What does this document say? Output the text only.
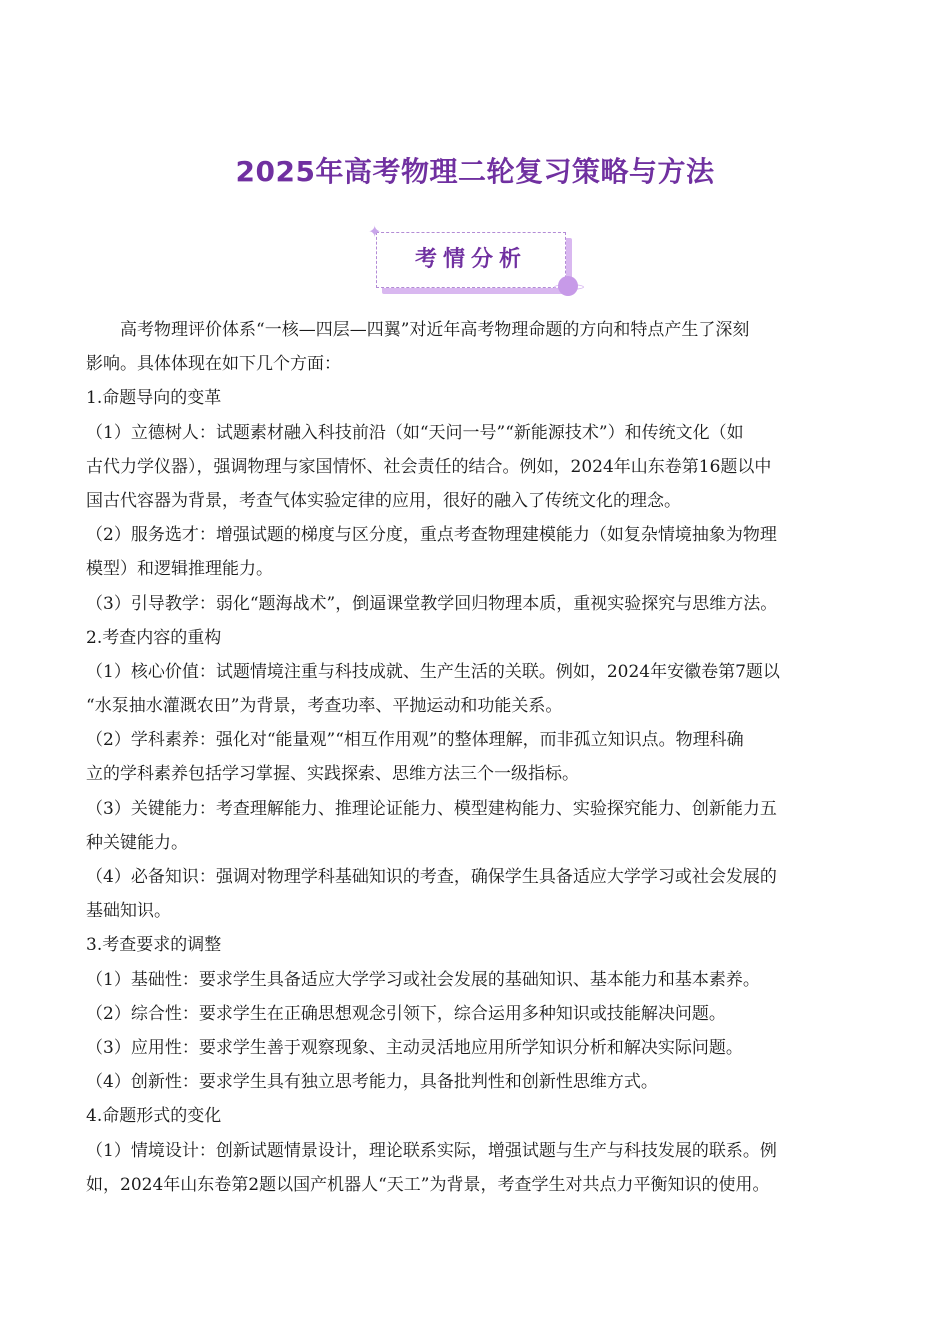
2025年高考物理二轮复习策略与方法
考情分析
✦
高考物理评价体系“一核—四层—四翼”对近年高考物理命题的方向和特点产生了深刻
影响。具体体现在如下几个方面：
1.命题导向的变革
（1）立德树人：试题素材融入科技前沿（如“天问一号”“新能源技术”）和传统文化（如
古代力学仪器），强调物理与家国情怀、社会责任的结合。例如，2024年山东卷第16题以中
国古代容器为背景，考查气体实验定律的应用，很好的融入了传统文化的理念。
（2）服务选才：增强试题的梯度与区分度，重点考查物理建模能力（如复杂情境抽象为物理
模型）和逻辑推理能力。
（3）引导教学：弱化“题海战术”，倒逼课堂教学回归物理本质，重视实验探究与思维方法。
2.考查内容的重构
（1）核心价值：试题情境注重与科技成就、生产生活的关联。例如，2024年安徽卷第7题以
“水泵抽水灌溉农田”为背景，考查功率、平抛运动和功能关系。
（2）学科素养：强化对“能量观”“相互作用观”的整体理解，而非孤立知识点。物理科确
立的学科素养包括学习掌握、实践探索、思维方法三个一级指标。
（3）关键能力：考查理解能力、推理论证能力、模型建构能力、实验探究能力、创新能力五
种关键能力。
（4）必备知识：强调对物理学科基础知识的考查，确保学生具备适应大学学习或社会发展的
基础知识。
3.考查要求的调整
（1）基础性：要求学生具备适应大学学习或社会发展的基础知识、基本能力和基本素养。
（2）综合性：要求学生在正确思想观念引领下，综合运用多种知识或技能解决问题。
（3）应用性：要求学生善于观察现象、主动灵活地应用所学知识分析和解决实际问题。
（4）创新性：要求学生具有独立思考能力，具备批判性和创新性思维方式。
4.命题形式的变化
（1）情境设计：创新试题情景设计，理论联系实际，增强试题与生产与科技发展的联系。例
如，2024年山东卷第2题以国产机器人“天工”为背景，考查学生对共点力平衡知识的使用。
